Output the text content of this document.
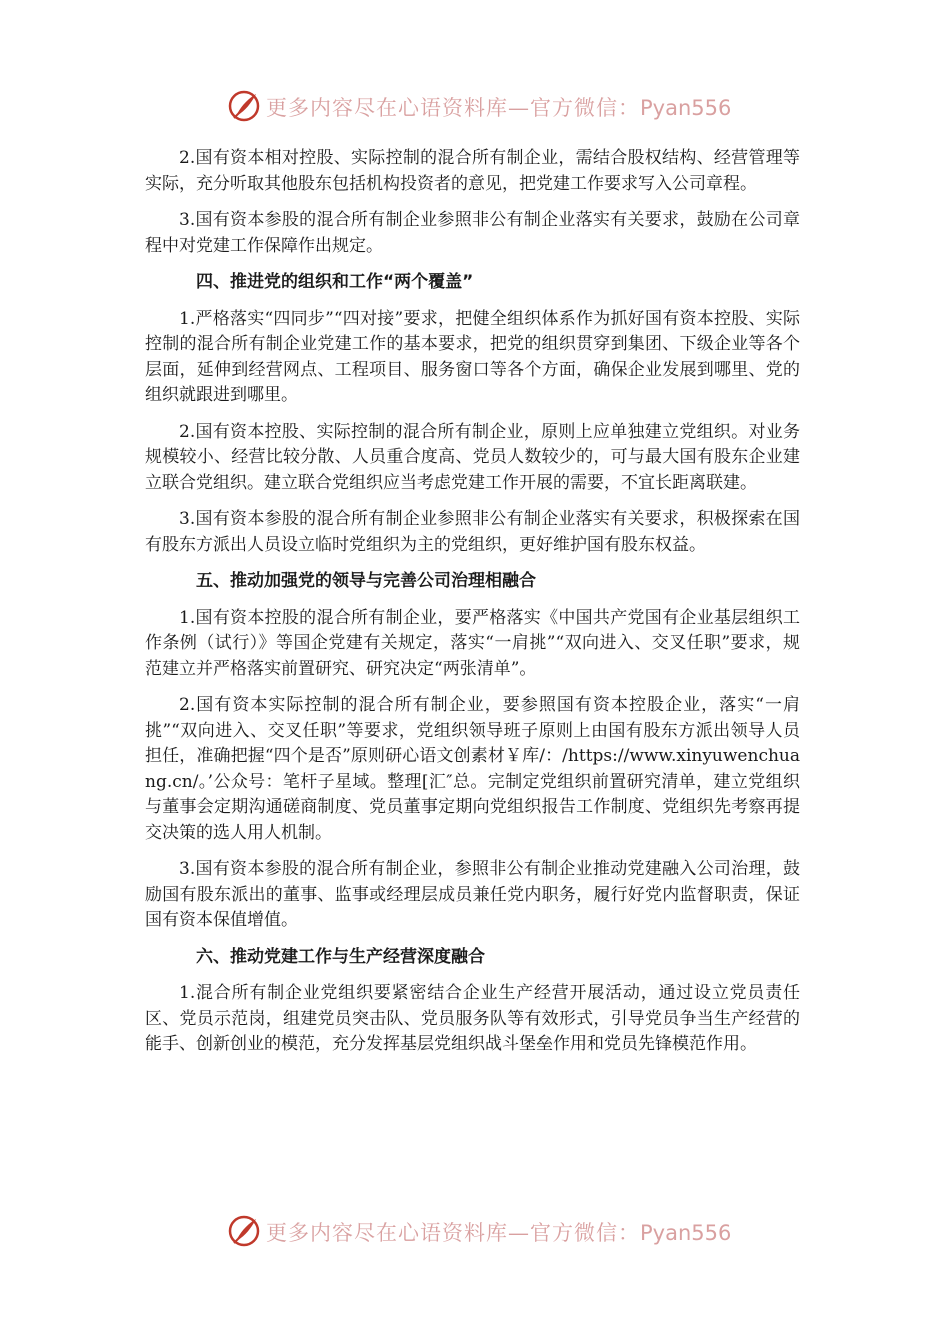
更多内容尽在心语资料库—官方微信：Pyan556

2.国有资本相对控股、实际控制的混合所有制企业，需结合股权结构、经营管理等实际，充分听取其他股东包括机构投资者的意见，把党建工作要求写入公司章程。

3.国有资本参股的混合所有制企业参照非公有制企业落实有关要求，鼓励在公司章程中对党建工作保障作出规定。

四、推进党的组织和工作“两个覆盖”

1.严格落实“四同步”“四对接”要求，把健全组织体系作为抓好国有资本控股、实际控制的混合所有制企业党建工作的基本要求，把党的组织贯穿到集团、下级企业等各个层面，延伸到经营网点、工程项目、服务窗口等各个方面，确保企业发展到哪里、党的组织就跟进到哪里。

2.国有资本控股、实际控制的混合所有制企业，原则上应单独建立党组织。对业务规模较小、经营比较分散、人员重合度高、党员人数较少的，可与最大国有股东企业建立联合党组织。建立联合党组织应当考虑党建工作开展的需要，不宜长距离联建。

3.国有资本参股的混合所有制企业参照非公有制企业落实有关要求，积极探索在国有股东方派出人员设立临时党组织为主的党组织，更好维护国有股东权益。

五、推动加强党的领导与完善公司治理相融合

1.国有资本控股的混合所有制企业，要严格落实《中国共产党国有企业基层组织工作条例（试行）》等国企党建有关规定，落实“一肩挑”“双向进入、交叉任职”要求，规范建立并严格落实前置研究、研究决定“两张清单”。

2.国有资本实际控制的混合所有制企业，要参照国有资本控股企业，落实“一肩挑”“双向进入、交叉任职”等要求，党组织领导班子原则上由国有股东方派出领导人员担任，准确把握“四个是否”原则研心语文创素材￥库/：/https://www.xinyuwenchuang.cn/。’公众号：笔杆子星域。整理[汇″总。完制定党组织前置研究清单，建立党组织与董事会定期沟通磋商制度、党员董事定期向党组织报告工作制度、党组织先考察再提交决策的选人用人机制。

3.国有资本参股的混合所有制企业，参照非公有制企业推动党建融入公司治理，鼓励国有股东派出的董事、监事或经理层成员兼任党内职务，履行好党内监督职责，保证国有资本保值增值。

六、推动党建工作与生产经营深度融合

1.混合所有制企业党组织要紧密结合企业生产经营开展活动，通过设立党员责任区、党员示范岗，组建党员突击队、党员服务队等有效形式，引导党员争当生产经营的能手、创新创业的模范，充分发挥基层党组织战斗堡垒作用和党员先锋模范作用。

更多内容尽在心语资料库—官方微信：Pyan556
